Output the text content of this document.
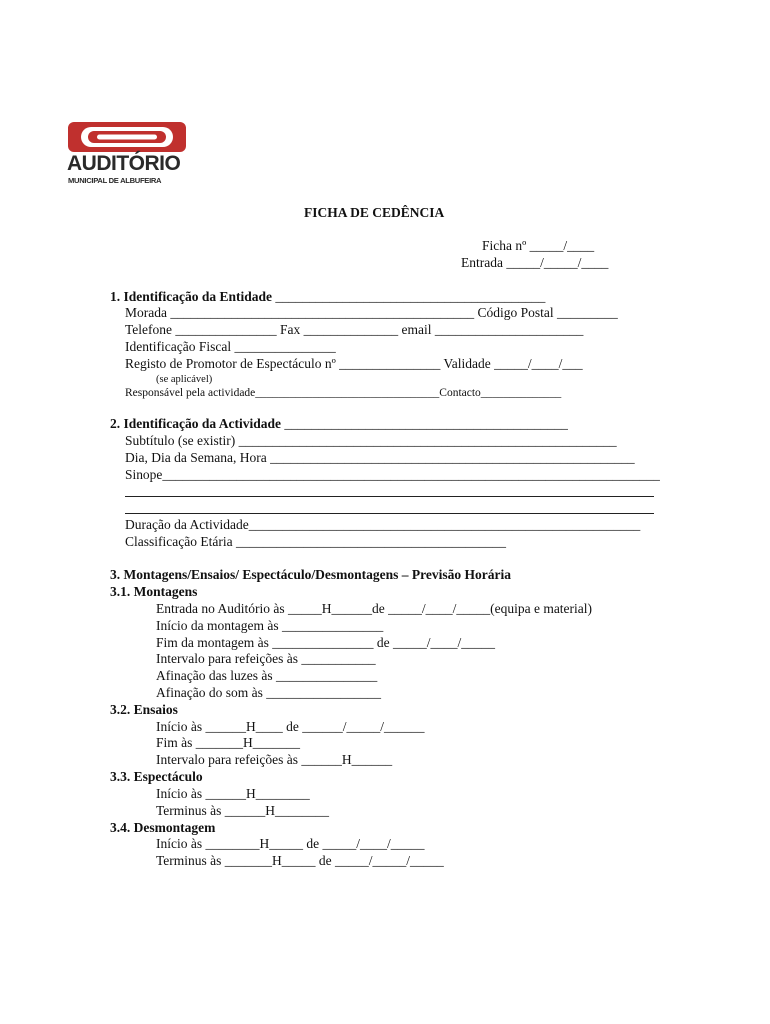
AUDITÓRIO
MUNICIPAL DE ALBUFEIRA
FICHA DE CEDÊNCIA
Ficha nº _____/____
Entrada _____/_____/____
1. Identificação da Entidade ________________________________________
Morada _____________________________________________ Código Postal _________
Telefone _______________ Fax ______________ email ______________________
Identificação Fiscal _______________
Registo de Promotor de Espectáculo nº _______________ Validade _____/____/___
(se aplicável)
Responsável pela actividade________________________________Contacto______________
2. Identificação da Actividade __________________________________________
Subtítulo (se existir) ________________________________________________________
Dia, Dia da Semana, Hora ______________________________________________________
Sinope__________________________________________________________________________
Duração da Actividade__________________________________________________________
Classificação Etária ________________________________________
3. Montagens/Ensaios/ Espectáculo/Desmontagens – Previsão Horária
3.1. Montagens
Entrada no Auditório às _____H______de _____/____/_____(equipa e material)
Início da montagem às _______________
Fim da montagem às _______________ de _____/____/_____
Intervalo para refeições às ___________
Afinação das luzes às _______________
Afinação do som às _________________
3.2. Ensaios
Início às ______H____ de ______/_____/______
Fim às _______H_______
Intervalo para refeições às ______H______
3.3. Espectáculo
Início às ______H________
Terminus às ______H________
3.4. Desmontagem
Início às ________H_____ de _____/____/_____
Terminus às _______H_____ de _____/_____/_____
